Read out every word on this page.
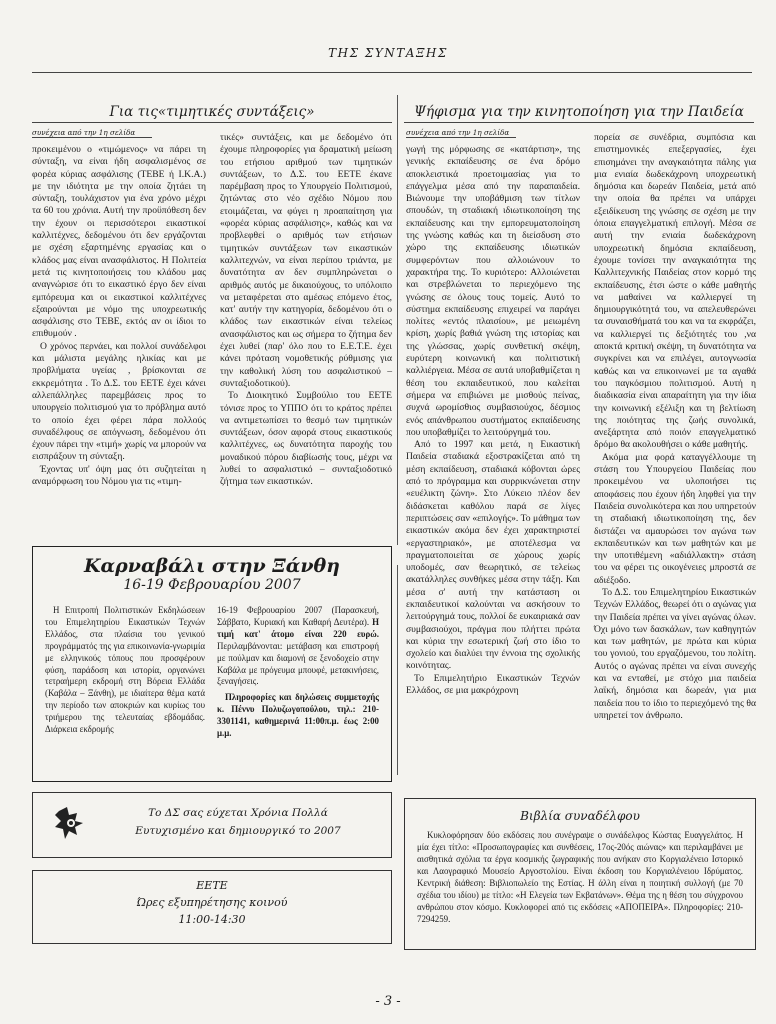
ΤΗΣ ΣΥΝΤΑΞΗΣ
Για τις«τιμητικές συντάξεις»
συνέχεια από την 1η σελίδα

προκειμένου ο «τιμώμενος» να πάρει τη σύνταξη, να είναι ήδη ασφαλισμένος σε φορέα κύριας ασφάλισης (ΤΕΒΕ ή Ι.Κ.Α.) με την ιδιότητα με την οποία ζητάει τη σύνταξη, τουλάχιστον για ένα χρόνο μέχρι τα 60 του χρόνια. Αυτή την προϋπόθεση δεν την έχουν οι περισσότεροι εικαστικοί καλλιτέχνες, δεδομένου ότι δεν εργάζονται με σχέση εξαρτημένης εργασίας και ο κλάδος μας είναι ανασφάλιστος. Η Πολιτεία μετά τις κινητοποιήσεις του κλάδου μας αναγνώρισε ότι το εικαστικό έργο δεν είναι εμπόρευμα και οι εικαστικοί καλλιτέχνες εξαιρούνται με νόμο της υποχρεωτικής ασφάλισης στο ΤΕΒΕ, εκτός αν οι ίδιοι το επιθυμούν .

Ο χρόνος περνάει, και πολλοί συνάδελφοι και μάλιστα μεγάλης ηλικίας και με προβλήματα υγείας , βρίσκονται σε εκκρεμότητα . Το Δ.Σ. του ΕΕΤΕ έχει κάνει αλλεπάλληλες παρεμβάσεις προς το υπουργείο πολιτισμού για το πρόβλημα αυτό το οποίο έχει φέρει πάρα πολλούς συναδέλφους σε απόγνωση, δεδομένου ότι έχουν πάρει την «τιμή» χωρίς να μπορούν να εισπράξουν τη σύνταξη.

Έχοντας υπ' όψη μας ότι συζητείται η αναμόρφωση του Νόμου για τις «τιμη-

τικές» συντάξεις, και με δεδομένο ότι έχουμε πληροφορίες για δραματική μείωση του ετήσιου αριθμού των τιμητικών συντάξεων, το Δ.Σ. του ΕΕΤΕ έκανε παρέμβαση προς το Υπουργείο Πολιτισμού, ζητώντας στο νέο σχέδιο Νόμου που ετοιμάζεται, να φύγει η προαπαίτηση για «φορέα κύριας ασφάλισης», καθώς και να προβλεφθεί ο αριθμός των ετήσιων τιμητικών συντάξεων των εικαστικών καλλιτεχνών, να είναι περίπου τριάντα, με δυνατότητα αν δεν συμπληρώνεται ο αριθμός αυτός με δικαιούχους, το υπόλοιπο να μεταφέρεται στο αμέσως επόμενο έτος, κατ' αυτήν την κατηγορία, δεδομένου ότι ο κλάδος των εικαστικών είναι τελείως ανασφάλιστος και ως σήμερα το ζήτημα δεν έχει λυθεί (παρ' όλο που το Ε.Ε.Τ.Ε. έχει κάνει πρόταση νομοθετικής ρύθμισης για την καθολική λύση του ασφαλιστικού –συνταξιοδοτικού).

Το Διοικητικό Συμβούλιο του ΕΕΤΕ τόνισε προς το ΥΠΠΟ ότι το κράτος πρέπει να αντιμετωπίσει το θεσμό των τιμητικών συντάξεων, όσον αφορά στους εικαστικούς καλλιτέχνες, ως δυνατότητα παροχής του μοναδικού πόρου διαβίωσής τους, μέχρι να λυθεί το ασφαλιστικό – συνταξιοδοτικό ζήτημα των εικαστικών.

Ψήφισμα για την κινητοποίηση για την Παιδεία
συνέχεια από την 1η σελίδα

γωγή της μόρφωσης σε «κατάρτιση», της γενικής εκπαίδευσης σε ένα δρόμο αποκλειστικά προετοιμασίας για το επάγγελμα μέσα από την παραπαιδεία. Βιώνουμε την υποβάθμιση των τίτλων σπουδών, τη σταδιακή ιδιωτικοποίηση της εκπαίδευσης και την εμπορευματοποίηση της γνώσης καθώς και τη διείσδυση στο χώρο της εκπαίδευσης ιδιωτικών συμφερόντων που αλλοιώνουν το χαρακτήρα της. Το κυριότερο: Αλλοιώνεται και στρεβλώνεται το περιεχόμενο της γνώσης σε όλους τους τομείς. Αυτό το σύστημα εκπαίδευσης επιχειρεί να παράγει πολίτες «εντός πλαισίου», με μειωμένη κρίση, χωρίς βαθιά γνώση της ιστορίας και της γλώσσας, χωρίς συνθετική σκέψη, ευρύτερη κοινωνική και πολιτιστική καλλιέργεια. Μέσα σε αυτά υποβαθμίζεται η θέση του εκπαιδευτικού, που καλείται σήμερα να επιβιώνει με μισθούς πείνας, συχνά ωρομίσθιος συμβασιούχος, δέσμιος ενός απάνθρωπου συστήματος εκπαίδευσης που υποβαθμίζει το λειτούργημά του.

Από το 1997 και μετά, η Εικαστική Παιδεία σταδιακά εξοστρακίζεται από τη μέση εκπαίδευση, σταδιακά κόβονται ώρες από το πρόγραμμα και συρρικνώνεται στην «ευέλικτη ζώνη». Στο Λύκειο πλέον δεν διδάσκεται καθόλου παρά σε λίγες περιπτώσεις σαν «επιλογής». Το μάθημα των εικαστικών ακόμα δεν έχει χαρακτηριστεί «εργαστηριακό», με αποτέλεσμα να πραγματοποιείται σε χώρους χωρίς υποδομές, σαν θεωρητικό, σε τελείως ακατάλληλες συνθήκες μέσα στην τάξη. Και μέσα σ' αυτή την κατάσταση οι εκπαιδευτικοί καλούνται να ασκήσουν το λειτούργημά τους, πολλοί δε ευκαιριακά σαν συμβασιούχοι, πράγμα που πλήττει πρώτα και κύρια την εσωτερική ζωή στο ίδιο το σχολείο και διαλύει την έννοια της σχολικής κοινότητας.

Το Επιμελητήριο Εικαστικών Τεχνών Ελλάδος, σε μια μακρόχρονη

πορεία σε συνέδρια, συμπόσια και επιστημονικές επεξεργασίες, έχει επισημάνει την αναγκαιότητα πάλης για μια ενιαία δωδεκάχρονη υποχρεωτική δημόσια και δωρεάν Παιδεία, μετά από την οποία θα πρέπει να υπάρχει εξειδίκευση της γνώσης σε σχέση με την όποια επαγγελματική επιλογή. Μέσα σε αυτή την ενιαία δωδεκάχρονη υποχρεωτική δημόσια εκπαίδευση, έχουμε τονίσει την αναγκαιότητα της Καλλιτεχνικής Παιδείας στον κορμό της εκπαίδευσης, έτσι ώστε ο κάθε μαθητής να μαθαίνει να καλλιεργεί τη δημιουργικότητά του, να απελευθερώνει τα συναισθήματά του και να τα εκφράζει, να καλλιεργεί τις δεξιότητές του ,να αποκτά κριτική σκέψη, τη δυνατότητα να συγκρίνει και να επιλέγει, αυτογνωσία καθώς και να επικοινωνεί με τα αγαθά του παγκόσμιου πολιτισμού. Αυτή η διαδικασία είναι απαραίτητη για την ίδια την κοινωνική εξέλιξη και τη βελτίωση της ποιότητας της ζωής συνολικά, ανεξάρτητα από ποιόν επαγγελματικό δρόμο θα ακολουθήσει ο κάθε μαθητής.

Ακόμα μια φορά καταγγέλλουμε τη στάση του Υπουργείου Παιδείας που προκειμένου να υλοποιήσει τις αποφάσεις που έχουν ήδη ληφθεί για την Παιδεία συνολικότερα και που υπηρετούν τη σταδιακή ιδιωτικοποίηση της, δεν διστάζει να αμαυρώσει τον αγώνα των εκπαιδευτικών και των μαθητών και με την υποτιθέμενη «αδιάλλακτη» στάση του να φέρει τις οικογένειες μπροστά σε αδιέξοδο.

Το Δ.Σ. του Επιμελητηρίου Εικαστικών Τεχνών Ελλάδος, θεωρεί ότι ο αγώνας για την Παιδεία πρέπει να γίνει αγώνας όλων. Όχι μόνο των δασκάλων, των καθηγητών και των μαθητών, με πρώτα και κύρια του γονιού, του εργαζόμενου, του πολίτη. Αυτός ο αγώνας πρέπει να είναι συνεχής και να ενταθεί, με στόχο μια παιδεία λαϊκή, δημόσια και δωρεάν, για μια παιδεία που το ίδιο το περιεχόμενό της θα υπηρετεί τον άνθρωπο.

Καρναβάλι στην Ξάνθη
16-19 Φεβρουαρίου 2007

Η Επιτροπή Πολιτιστικών Εκδηλώσεων του Επιμελητηρίου Εικαστικών Τεχνών Ελλάδος, στα πλαίσια του γενικού προγράμματός της για επικοινωνία-γνωριμία με ελληνικούς τόπους που προσφέρουν φύση, παράδοση και ιστορία, οργανώνει τετραήμερη εκδρομή στη Βόρεια Ελλάδα (Καβάλα – Ξάνθη), με ιδιαίτερα θέμα κατά την περίοδο των αποκριών και κυρίως του τριήμερου της τελευταίας εβδομάδας. Διάρκεια εκδρομής

16-19 Φεβρουαρίου 2007 (Παρασκευή, Σάββατο, Κυριακή και Καθαρή Δευτέρα). Η τιμή κατ' άτομο είναι 220 ευρώ. Περιλαμβάνονται: μετάβαση και επιστροφή με πούλμαν και διαμονή σε ξενοδοχείο στην Καβάλα με πρόγευμα μπουφέ, μετακινήσεις, ξεναγήσεις.

Πληροφορίες και δηλώσεις συμμετοχής κ. Πέννυ Πολυζωγοπούλου, τηλ.: 210-3301141, καθημερινά 11:00π.μ. έως 2:00 μ.μ.

Το ΔΣ σας εύχεται Χρόνια Πολλά
Ευτυχισμένο και δημιουργικό το 2007
ΕΕΤΕ
Ώρες εξυπηρέτησης κοινού
11:00-14:30
Βιβλία συναδέλφου

Κυκλοφόρησαν δύο εκδόσεις που συνέγραψε ο συνάδελφος Κώστας Ευαγγελάτος. Η μία έχει τίτλο: «Προσωπογραφίες και συνθέσεις, 17ος-20ός αιώνας» και περιλαμβάνει με αισθητικά σχόλια τα έργα κοσμικής ζωγραφικής που ανήκαν στο Κοργιαλένειο Ιστορικό και Λαογραφικό Μουσείο Αργοστολίου. Είναι έκδοση του Κοργιαλένειου Ιδρύματος. Κεντρική διάθεση: Βιβλιοπωλείο της Εστίας. Η άλλη είναι η ποιητική συλλογή (με 70 σχέδια του ιδίου) με τίτλο: «Η Ελεγεία των Εκβατάνων». Θέμα της η θέση του σύγχρονου ανθρώπου στον κόσμο. Κυκλοφορεί από τις εκδόσεις «ΑΠΟΠΕΙΡΑ». Πληροφορίες: 210-7294259.

- 3 -
